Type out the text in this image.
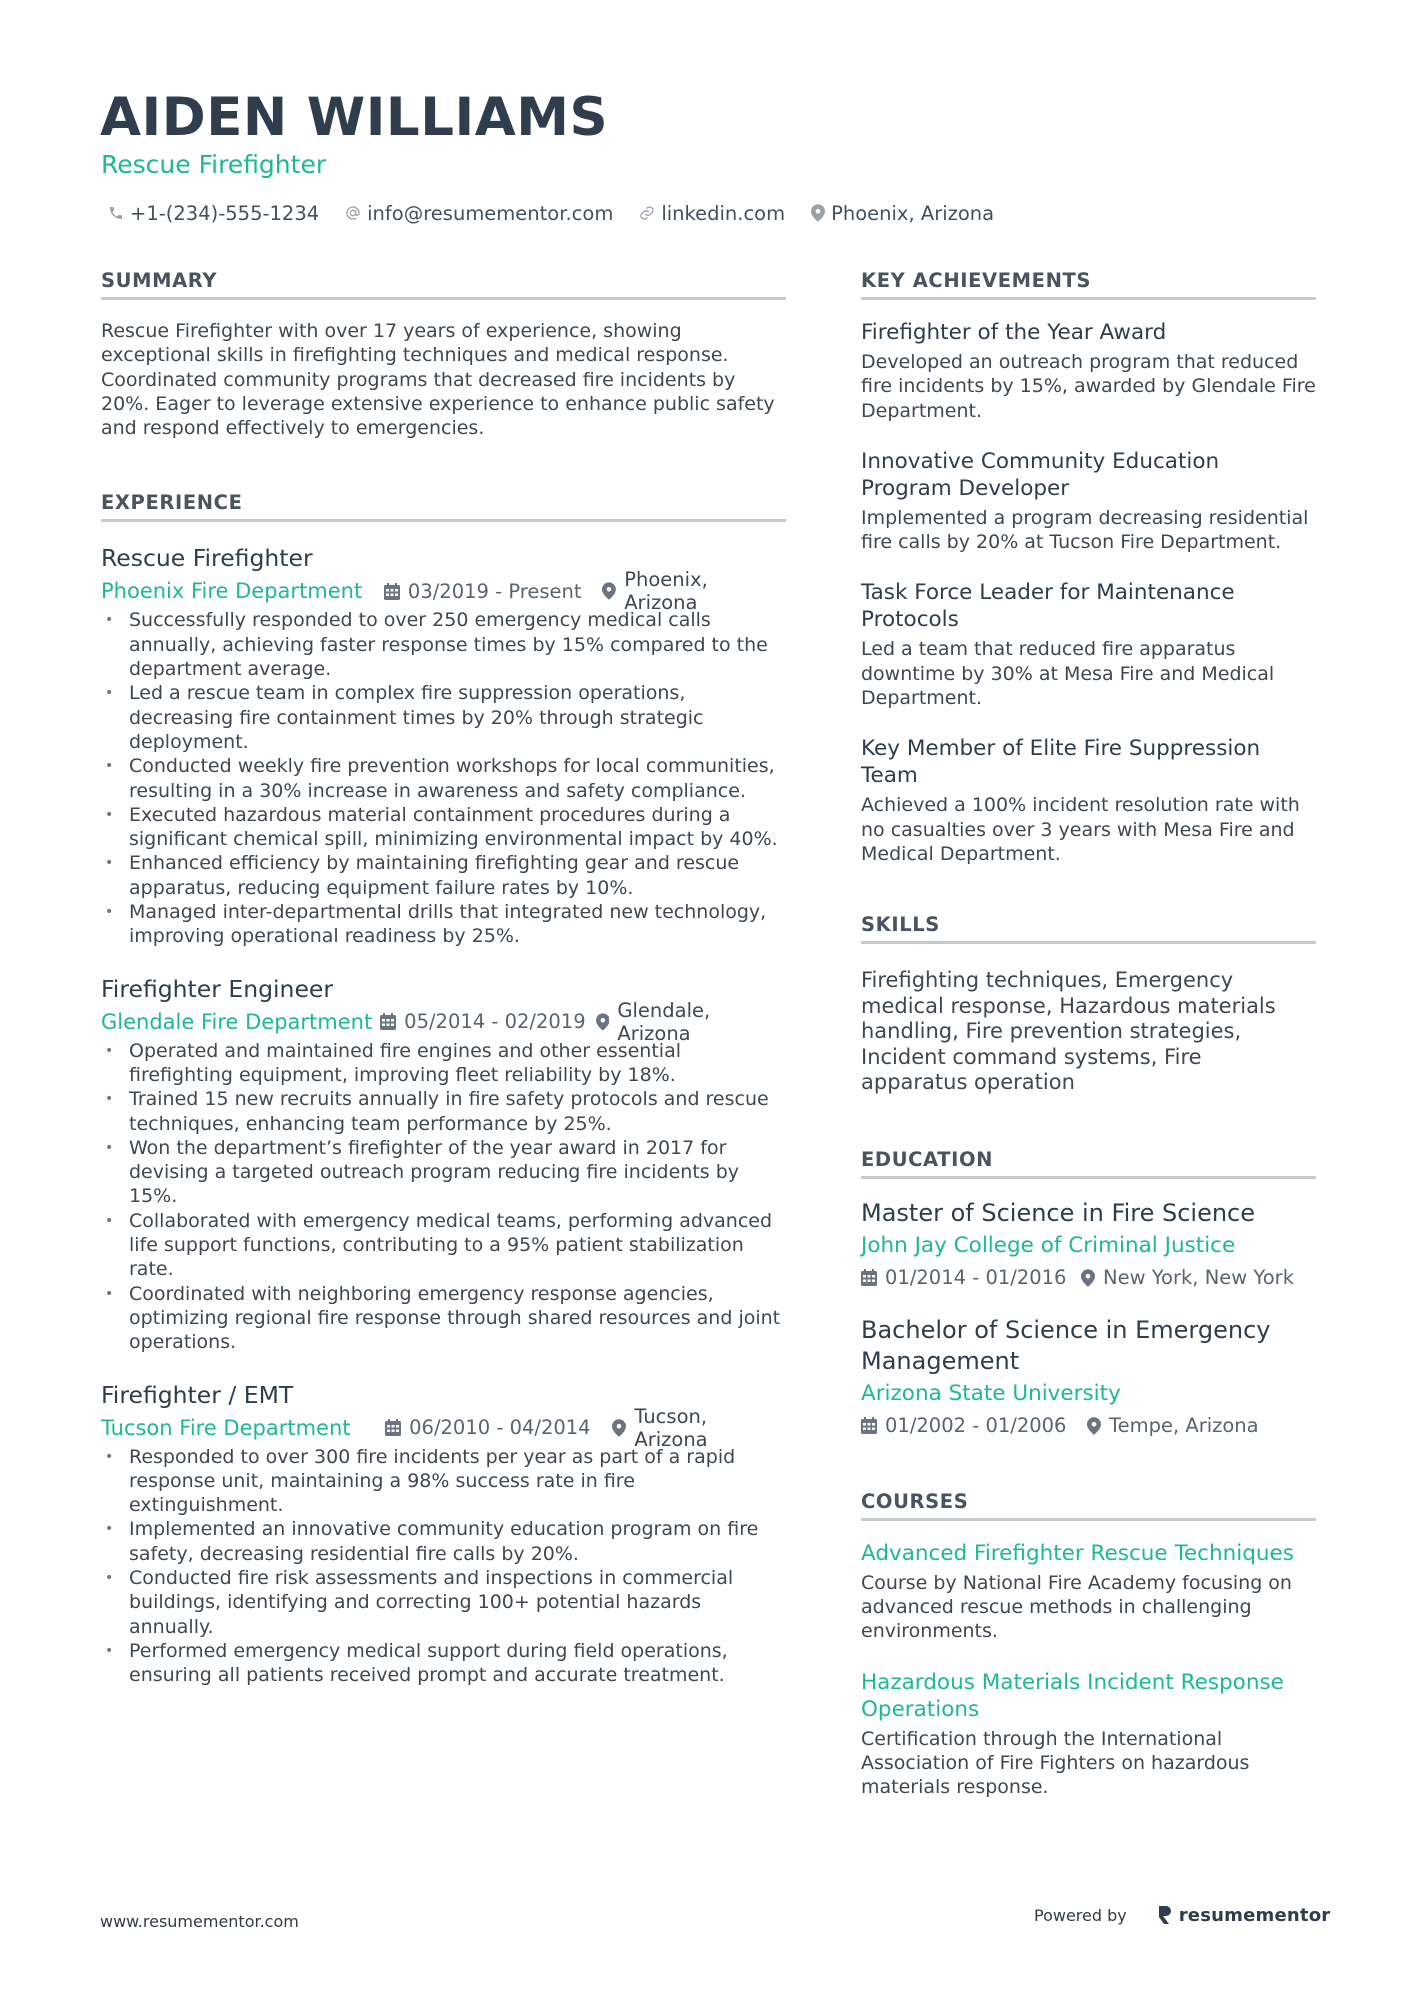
AIDEN WILLIAMS
Rescue Firefighter
+1-(234)-555-1234 info@resumementor.com linkedin.com Phoenix, Arizona
SUMMARY
Rescue Firefighter with over 17 years of experience, showing exceptional skills in firefighting techniques and medical response. Coordinated community programs that decreased fire incidents by 20%. Eager to leverage extensive experience to enhance public safety and respond effectively to emergencies.
EXPERIENCE
Rescue Firefighter
Phoenix Fire Department	03/2019 - Present Phoenix, Arizona
• Successfully responded to over 250 emergency medical calls annually, achieving faster response times by 15% compared to the department average.
• Led a rescue team in complex fire suppression operations, decreasing fire containment times by 20% through strategic deployment.
• Conducted weekly fire prevention workshops for local communities, resulting in a 30% increase in awareness and safety compliance.
• Executed hazardous material containment procedures during a significant chemical spill, minimizing environmental impact by 40%.
• Enhanced efficiency by maintaining firefighting gear and rescue apparatus, reducing equipment failure rates by 10%.
• Managed inter-departmental drills that integrated new technology, improving operational readiness by 25%.
Firefighter Engineer
Glendale Fire Department	05/2014 - 02/2019 Glendale, Arizona
• Operated and maintained fire engines and other essential firefighting equipment, improving fleet reliability by 18%.
• Trained 15 new recruits annually in fire safety protocols and rescue techniques, enhancing team performance by 25%.
• Won the department’s firefighter of the year award in 2017 for devising a targeted outreach program reducing fire incidents by 15%.
• Collaborated with emergency medical teams, performing advanced life support functions, contributing to a 95% patient stabilization rate.
• Coordinated with neighboring emergency response agencies, optimizing regional fire response through shared resources and joint operations.
Firefighter / EMT
Tucson Fire Department	06/2010 - 04/2014 Tucson, Arizona
• Responded to over 300 fire incidents per year as part of a rapid response unit, maintaining a 98% success rate in fire extinguishment.
• Implemented an innovative community education program on fire safety, decreasing residential fire calls by 20%.
• Conducted fire risk assessments and inspections in commercial buildings, identifying and correcting 100+ potential hazards annually.
• Performed emergency medical support during field operations, ensuring all patients received prompt and accurate treatment.
KEY ACHIEVEMENTS
Firefighter of the Year Award
Developed an outreach program that reduced fire incidents by 15%, awarded by Glendale Fire Department.
Innovative Community Education Program Developer
Implemented a program decreasing residential fire calls by 20% at Tucson Fire Department.
Task Force Leader for Maintenance Protocols
Led a team that reduced fire apparatus downtime by 30% at Mesa Fire and Medical Department.
Key Member of Elite Fire Suppression Team
Achieved a 100% incident resolution rate with no casualties over 3 years with Mesa Fire and Medical Department.
SKILLS
Firefighting techniques, Emergency medical response, Hazardous materials handling, Fire prevention strategies, Incident command systems, Fire apparatus operation
EDUCATION
Master of Science in Fire Science
John Jay College of Criminal Justice
01/2014 - 01/2016 New York, New York
Bachelor of Science in Emergency Management
Arizona State University
01/2002 - 01/2006 Tempe, Arizona
COURSES
Advanced Firefighter Rescue Techniques
Course by National Fire Academy focusing on advanced rescue methods in challenging environments.
Hazardous Materials Incident Response Operations
Certification through the International Association of Fire Fighters on hazardous materials response.
www.resumementor.com	Powered by	resumementor
